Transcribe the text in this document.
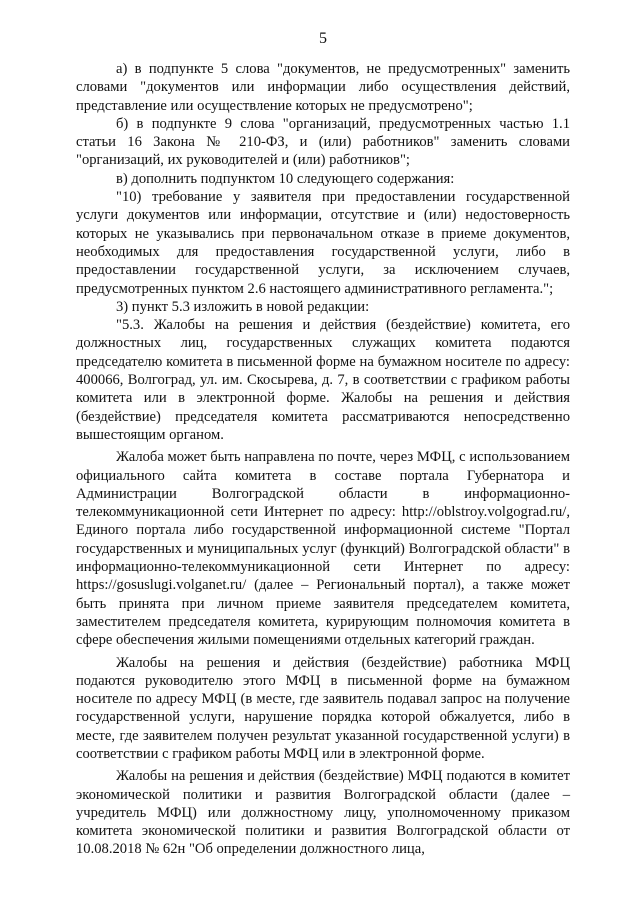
5

а) в подпункте 5 слова "документов, не предусмотренных" заменить словами "документов или информации либо осуществления действий, представление или осуществление которых не предусмотрено";

б) в подпункте 9 слова "организаций, предусмотренных частью 1.1 статьи 16 Закона № 210-ФЗ, и (или) работников" заменить словами "организаций, их руководителей и (или) работников";

в) дополнить подпунктом 10 следующего содержания:

"10) требование у заявителя при предоставлении государственной услуги документов или информации, отсутствие и (или) недостоверность которых не указывались при первоначальном отказе в приеме документов, необходимых для предоставления государственной услуги, либо в предоставлении государственной услуги, за исключением случаев, предусмотренных пунктом 2.6 настоящего административного регламента.";

3) пункт 5.3 изложить в новой редакции:

"5.3. Жалобы на решения и действия (бездействие) комитета, его должностных лиц, государственных служащих комитета подаются председателю комитета в письменной форме на бумажном носителе по адресу: 400066, Волгоград, ул. им. Скосырева, д. 7, в соответствии с графиком работы комитета или в электронной форме. Жалобы на решения и действия (бездействие) председателя комитета рассматриваются непосредственно вышестоящим органом.

Жалоба может быть направлена по почте, через МФЦ, с использованием официального сайта комитета в составе портала Губернатора и Администрации Волгоградской области в информационно-телекоммуникационной сети Интернет по адресу: http://oblstroy.volgograd.ru/, Единого портала либо государственной информационной системе "Портал государственных и муниципальных услуг (функций) Волгоградской области" в информационно-телекоммуникационной сети Интернет по адресу: https://gosuslugi.volganet.ru/ (далее – Региональный портал), а также может быть принята при личном приеме заявителя председателем комитета, заместителем председателя комитета, курирующим полномочия комитета в сфере обеспечения жилыми помещениями отдельных категорий граждан.

Жалобы на решения и действия (бездействие) работника МФЦ подаются руководителю этого МФЦ в письменной форме на бумажном носителе по адресу МФЦ (в месте, где заявитель подавал запрос на получение государственной услуги, нарушение порядка которой обжалуется, либо в месте, где заявителем получен результат указанной государственной услуги) в соответствии с графиком работы МФЦ или в электронной форме.

Жалобы на решения и действия (бездействие) МФЦ подаются в комитет экономической политики и развития Волгоградской области (далее – учредитель МФЦ) или должностному лицу, уполномоченному приказом комитета экономической политики и развития Волгоградской области от 10.08.2018 № 62н "Об определении должностного лица,
